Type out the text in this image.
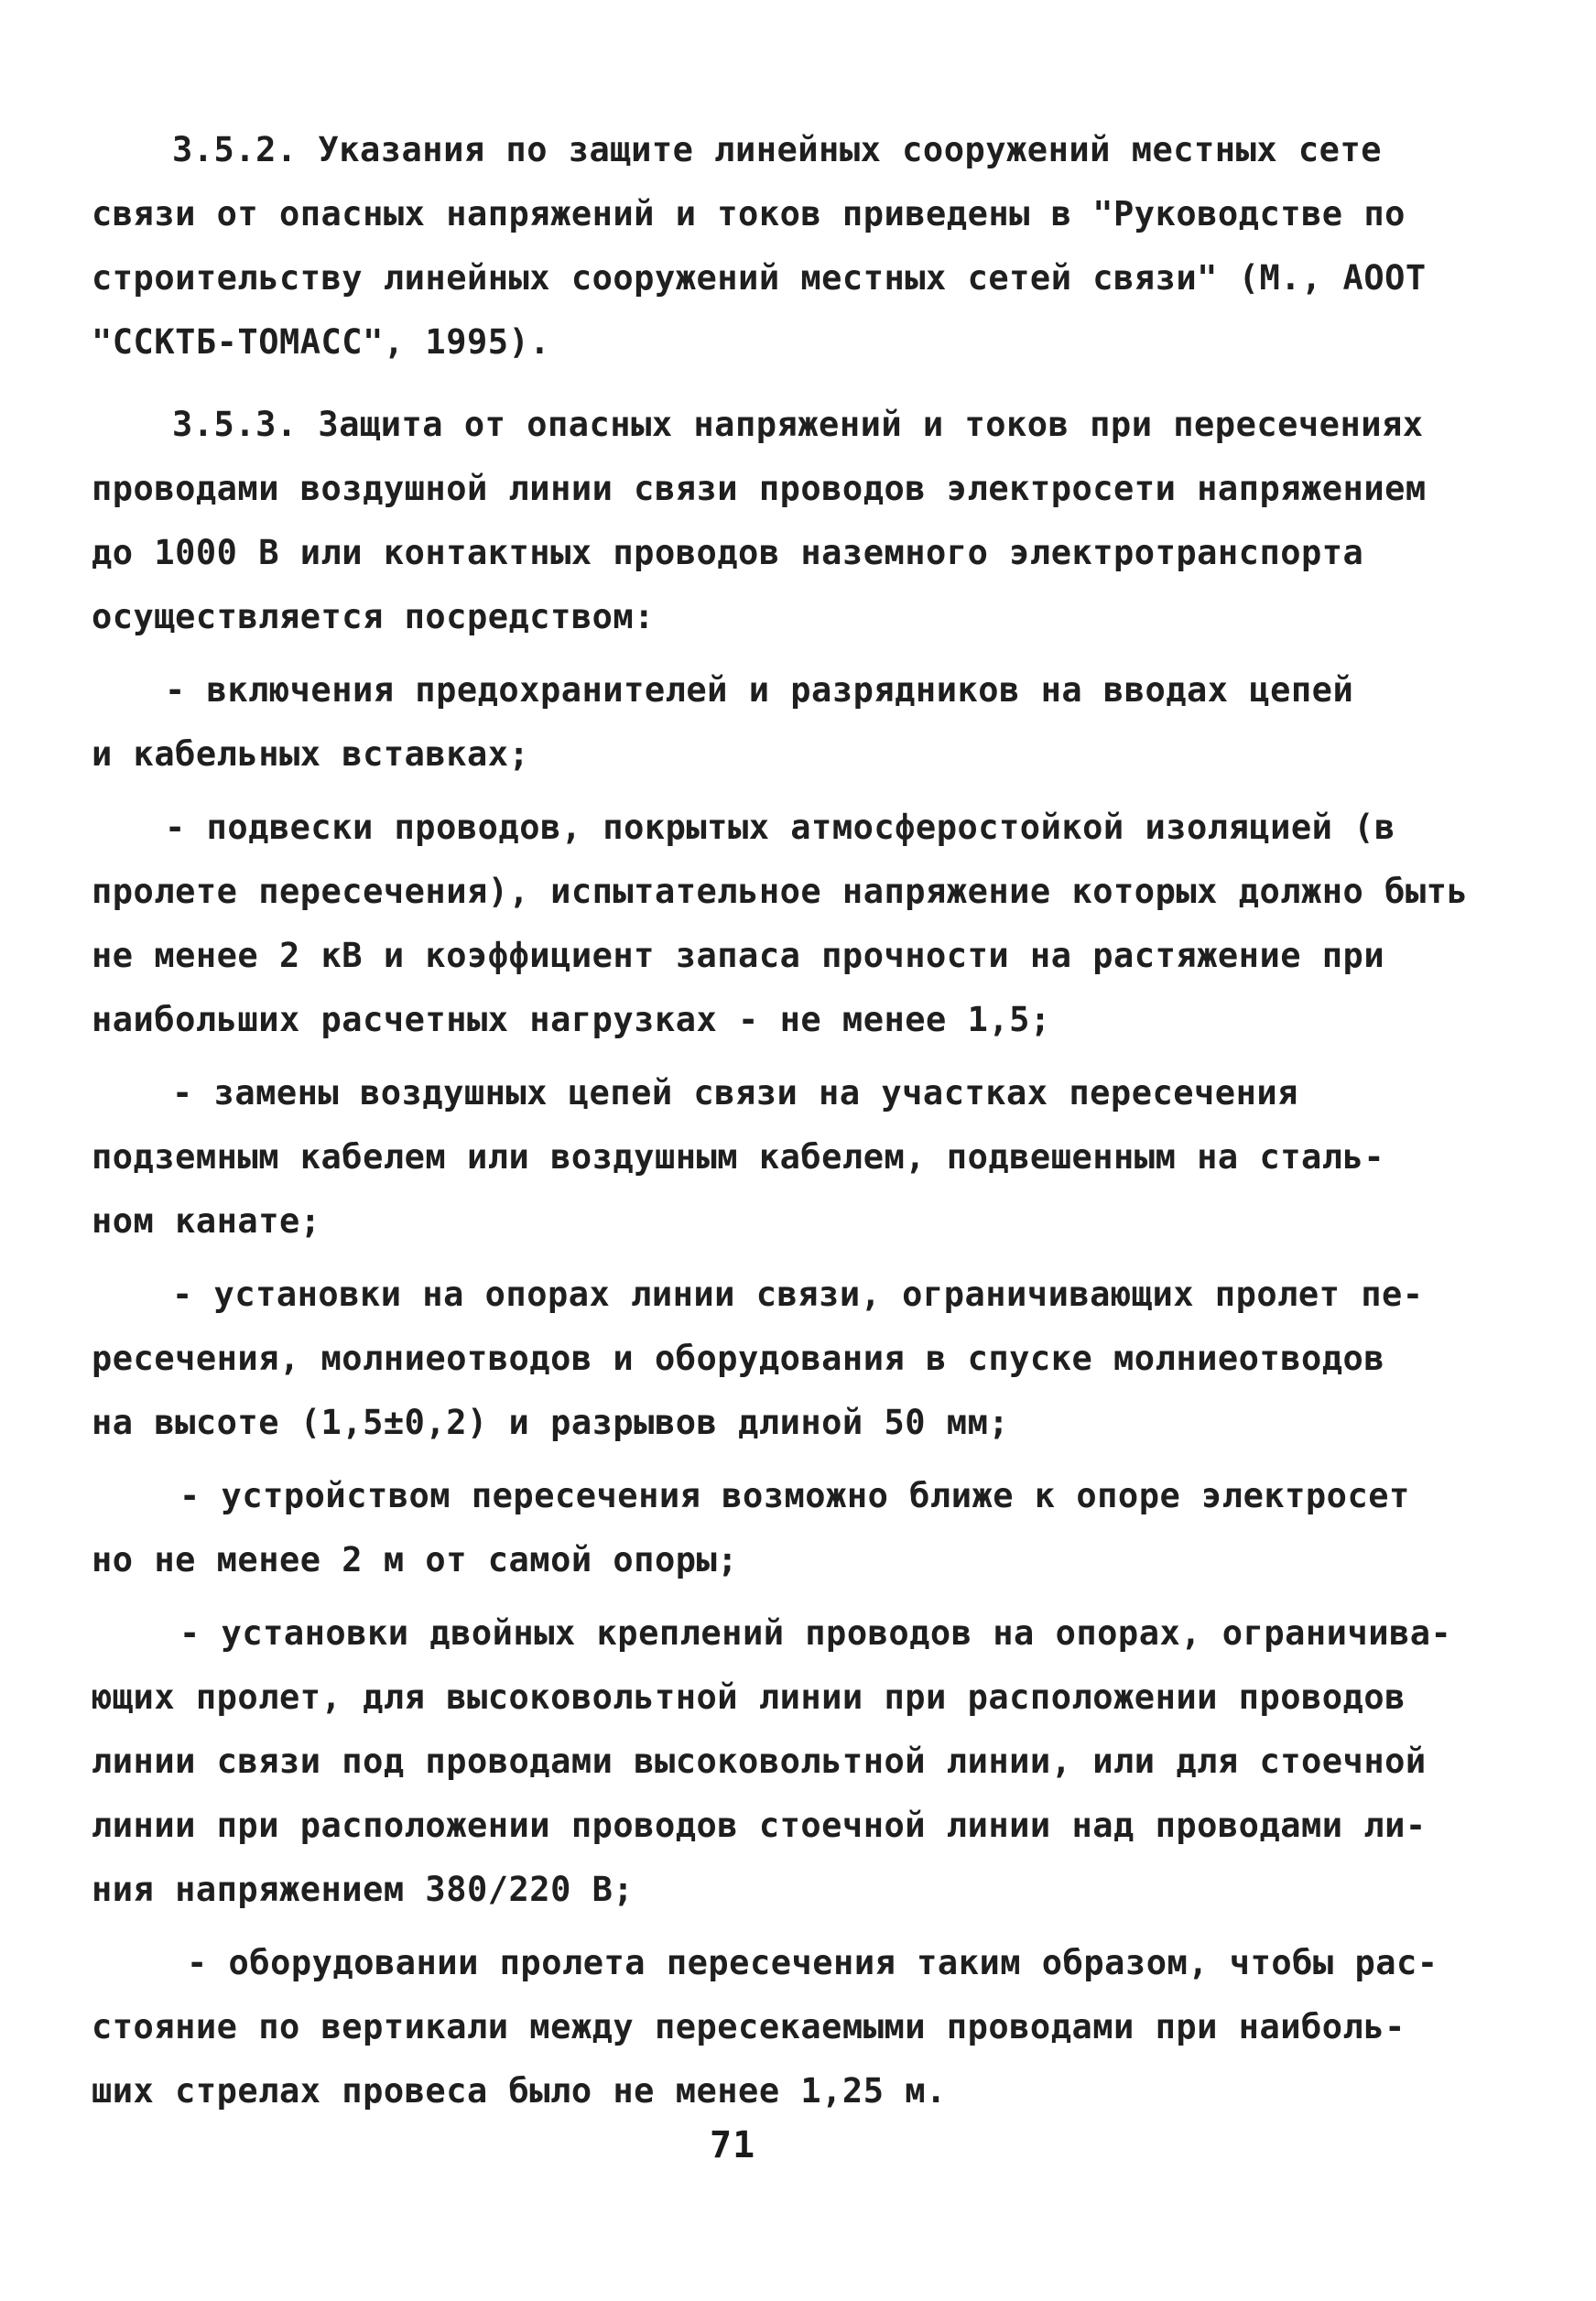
3.5.2. Указания по защите линейных сооружений местных сете
связи от опасных напряжений и токов приведены в "Руководстве по
строительству линейных сооружений местных сетей связи" (М., АООТ
"ССКТБ-ТОМАСС", 1995).
3.5.3. Защита от опасных напряжений и токов при пересечениях
проводами воздушной линии связи проводов электросети напряжением
до 1000 В или контактных проводов наземного электротранспорта
осуществляется посредством:
- включения предохранителей и разрядников на вводах цепей
и кабельных вставках;
- подвески проводов, покрытых атмосферостойкой изоляцией (в
пролете пересечения), испытательное напряжение которых должно быть
не менее 2 кВ и коэффициент запаса прочности на растяжение при
наибольших расчетных нагрузках - не менее 1,5;
- замены воздушных цепей связи на участках пересечения
подземным кабелем или воздушным кабелем, подвешенным на сталь-
ном канате;
- установки на опорах линии связи, ограничивающих пролет пе-
ресечения, молниеотводов и оборудования в спуске молниеотводов
на высоте (1,5±0,2) и разрывов длиной 50 мм;
- устройством пересечения возможно ближе к опоре электросет
но не менее 2 м от самой опоры;
- установки двойных креплений проводов на опорах, ограничива-
ющих пролет, для высоковольтной линии при расположении проводов
линии связи под проводами высоковольтной линии, или для стоечной
линии при расположении проводов стоечной линии над проводами ли-
ния напряжением 380/220 В;
- оборудовании пролета пересечения таким образом, чтобы рас-
стояние по вертикали между пересекаемыми проводами при наиболь-
ших стрелах провеса было не менее 1,25 м.
71
